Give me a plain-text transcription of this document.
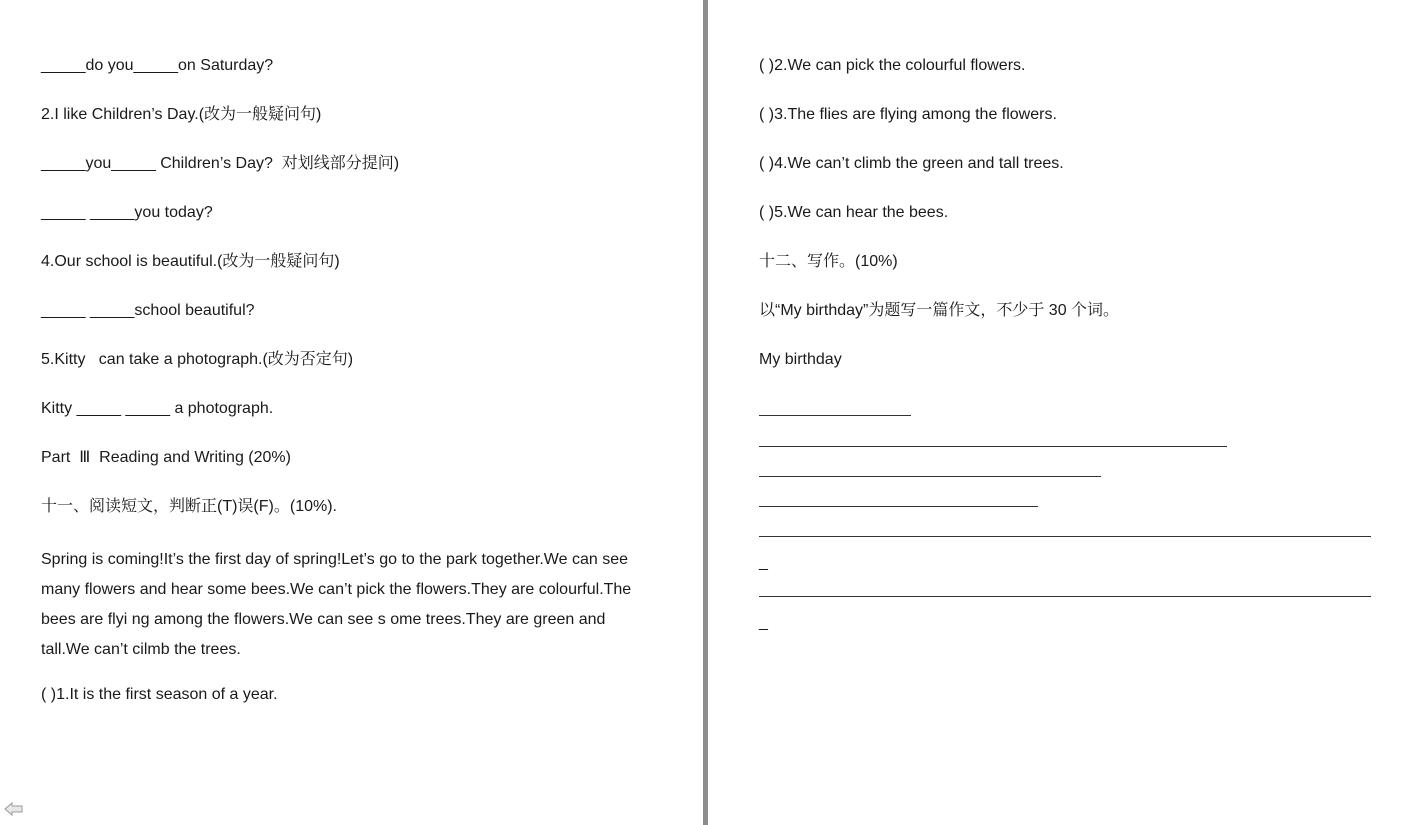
_____do you_____on Saturday?
2.I like Children’s Day.(改为一般疑问句)
_____you_____ Children’s Day?  对划线部分提问)
_____ _____you today?
4.Our school is beautiful.(改为一般疑问句)
_____ _____school beautiful?
5.Kitty   can take a photograph.(改为否定句)
Kitty _____ _____ a photograph.
Part  Ⅲ  Reading and Writing (20%)
十一、阅读短文，判断正(T)误(F)。(10%).
Spring is coming!It’s the first day of spring!Let’s go to the park together.We can see
many flowers and hear some bees.We can’t pick the flowers.They are colourful.The
bees are flyi ng among the flowers.We can see s ome trees.They are green and
tall.We can’t cilmb the trees.
( )1.It is the first season of a year.
( )2.We can pick the colourful flowers.
( )3.The flies are flying among the flowers.
( )4.We can’t climb the green and tall trees.
( )5.We can hear the bees.
十二、写作。(10%)
以“My birthday”为题写一篇作文，不少于 30 个词。
My birthday
_
_
